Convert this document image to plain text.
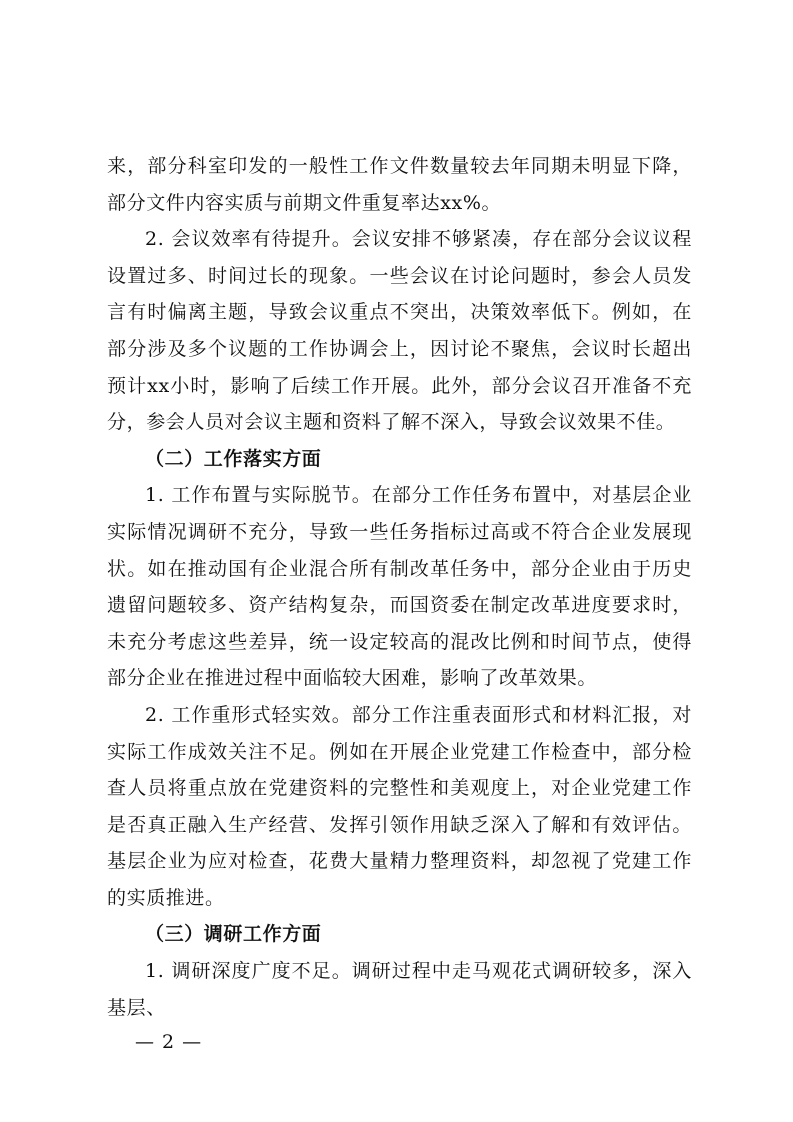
来，部分科室印发的一般性工作文件数量较去年同期未明显下降，部分文件内容实质与前期文件重复率达xx%。

2. 会议效率有待提升。会议安排不够紧凑，存在部分会议议程设置过多、时间过长的现象。一些会议在讨论问题时，参会人员发言有时偏离主题，导致会议重点不突出，决策效率低下。例如，在部分涉及多个议题的工作协调会上，因讨论不聚焦，会议时长超出预计xx小时，影响了后续工作开展。此外，部分会议召开准备不充分，参会人员对会议主题和资料了解不深入，导致会议效果不佳。

（二）工作落实方面

1. 工作布置与实际脱节。在部分工作任务布置中，对基层企业实际情况调研不充分，导致一些任务指标过高或不符合企业发展现状。如在推动国有企业混合所有制改革任务中，部分企业由于历史遗留问题较多、资产结构复杂，而国资委在制定改革进度要求时，未充分考虑这些差异，统一设定较高的混改比例和时间节点，使得部分企业在推进过程中面临较大困难，影响了改革效果。

2. 工作重形式轻实效。部分工作注重表面形式和材料汇报，对实际工作成效关注不足。例如在开展企业党建工作检查中，部分检查人员将重点放在党建资料的完整性和美观度上，对企业党建工作是否真正融入生产经营、发挥引领作用缺乏深入了解和有效评估。基层企业为应对检查，花费大量精力整理资料，却忽视了党建工作的实质推进。

（三）调研工作方面

1. 调研深度广度不足。调研过程中走马观花式调研较多，深入基层、

— 2 —
